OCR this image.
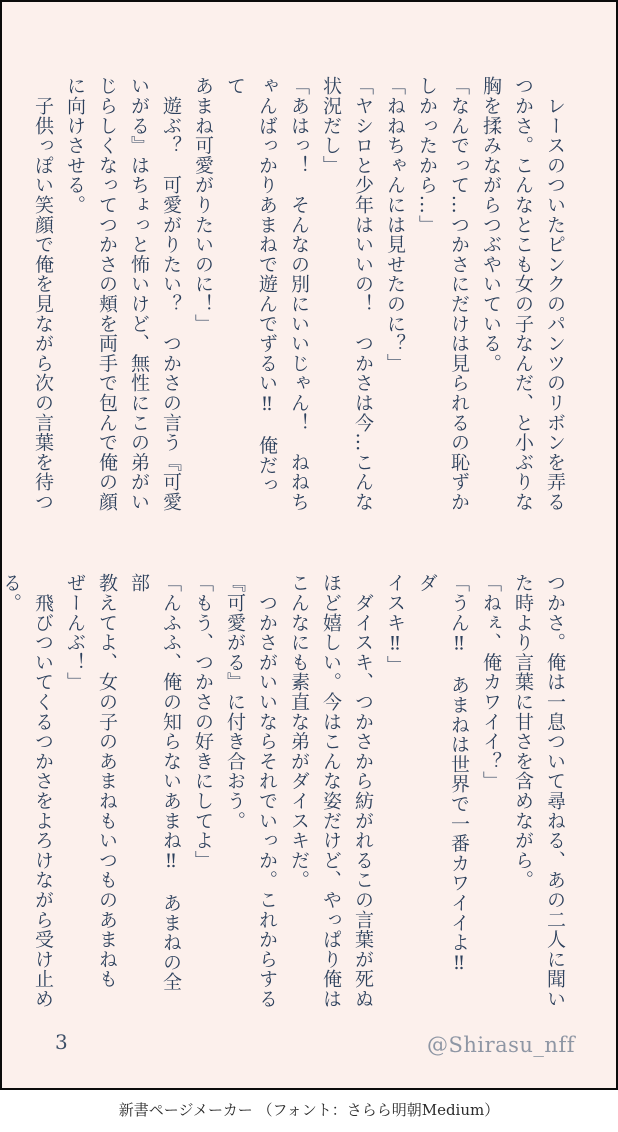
　レースのついたピンクのパンツのリボンを弄る
つかさ。こんなとこも女の子なんだ、と小ぶりな
胸を揉みながらつぶやいている。
「なんでって…つかさにだけは見られるの恥ずか
しかったから…」
「ねねちゃんには見せたのに？」
「ヤシロと少年はいいの！　つかさは今…こんな
状況だし」
「あはっ！　そんなの別にいいじゃん！　ねねち
ゃんばっかりあまねで遊んでずるい‼　俺だって
あまね可愛がりたいのに！」
　遊ぶ？　可愛がりたい？　つかさの言う『可愛
いがる』はちょっと怖いけど、無性にこの弟がい
じらしくなってつかさの頬を両手で包んで俺の顔
に向けさせる。
　子供っぽい笑顔で俺を見ながら次の言葉を待つ
つかさ。俺は一息ついて尋ねる、あの二人に聞い
た時より言葉に甘さを含めながら。
「ねぇ、俺カワイイ？」
「うん‼　あまねは世界で一番カワイイよ‼　ダ
イスキ‼」
　ダイスキ、つかさから紡がれるこの言葉が死ぬ
ほど嬉しい。今はこんな姿だけど、やっぱり俺は
こんなにも素直な弟がダイスキだ。
　つかさがいいならそれでいっか。これからする
『可愛がる』に付き合おう。
「もう、つかさの好きにしてよ」
「んふふ、俺の知らないあまね‼　あまねの全部
教えてよ、女の子のあまねもいつものあまねも
ぜーんぶ！」
　飛びついてくるつかさをよろけながら受け止め
る。
3	@Shirasu_nff
新書ページメーカー （フォント：さらら明朝Medium）
